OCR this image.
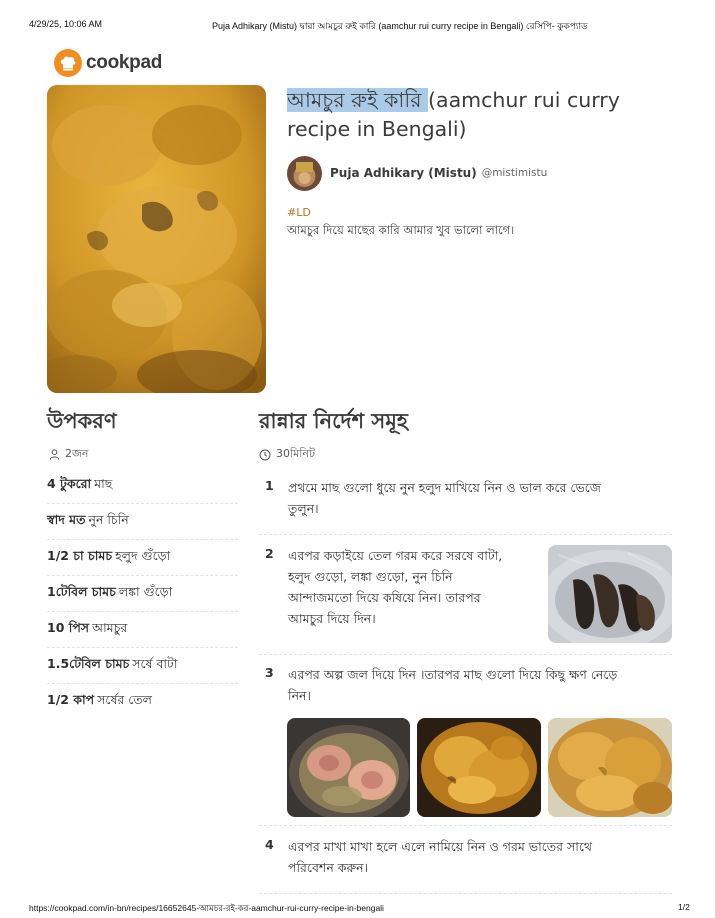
4/29/25, 10:06 AM	Puja Adhikary (Mistu) দ্বারা আমচুর রুই কারি (aamchur rui curry recipe in Bengali) রেসিপি- কুকপ্যাড
cookpad
আমচুর রুই কারি (aamchur rui curry recipe in Bengali)
Puja Adhikary (Mistu) @mistimistu
#LD
আমচুর দিয়ে মাছের কারি আমার খুব ভালো লাগে।
উপকরণ
2জন
4 টুকরো মাছ
স্বাদ মত নুন চিনি
1/2 চা চামচ হলুদ গুঁড়ো
1টেবিল চামচ লঙ্কা গুঁড়ো
10 পিস আমচুর
1.5টেবিল চামচ সর্ষে বাটা
1/2 কাপ সর্ষের তেল
রান্নার নির্দেশ সমূহ
30মিনিট
1 প্রথমে মাছ গুলো ধুয়ে নুন হলুদ মাখিয়ে নিন ও ভাল করে ভেজে
তুলুন।
2 এরপর কড়াইয়ে তেল গরম করে সরষে বাটা,
হলুদ গুড়ো, লঙ্কা গুড়ো, নুন চিনি
আন্দাজমতো দিয়ে কষিয়ে নিন। তারপর
আমচুর দিয়ে দিন।
3 এরপর অল্প জল দিয়ে দিন ।তারপর মাছ গুলো দিয়ে কিছু ক্ষণ নেড়ে
নিন।
4 এরপর মাখা মাখা হলে এলে নামিয়ে নিন ও গরম ভাতের সাথে
পরিবেশন করুন।
https://cookpad.com/in-bn/recipes/16652645-আমচর-রই-কর-aamchur-rui-curry-recipe-in-bengali	1/2
